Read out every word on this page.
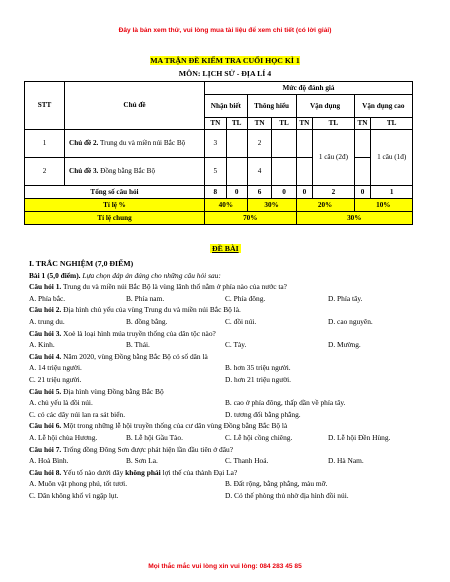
Đây là bản xem thử, vui lòng mua tài liệu để xem chi tiết (có lời giải)
MA TRẬN ĐỀ KIỂM TRA CUỐI HỌC KÌ 1
MÔN: LỊCH SỬ - ĐỊA LÍ 4
STT	Chủ đề	Mức độ đánh giá							
		Nhận biết		Thông hiểu		Vận dụng		Vận dụng cao	
		TN	TL	TN	TL	TN	TL	TN	TL
1	Chủ đề 2. Trung du và miền núi Bắc Bộ	3		2			1 câu (2đ)		1 câu (1đ)
2	Chủ đề 3. Đồng bằng Bắc Bộ	5		4					
Tổng số câu hỏi		8	0	6	0	0	2	0	1
Tỉ lệ %		40%		30%		20%		10%	
Tỉ lệ chung		70%				30%			
ĐỀ BÀI
I. TRẮC NGHIỆM (7,0 ĐIỂM)
Bài 1 (5,0 điểm). Lựa chọn đáp án đúng cho những câu hỏi sau:
Câu hỏi 1. Trung du và miền núi Bắc Bộ là vùng lãnh thổ nằm ở phía nào của nước ta?
A. Phía bắc.	B. Phía nam.	C. Phía đông.	D. Phía tây.
Câu hỏi 2. Địa hình chủ yếu của vùng Trung du và miền núi Bắc Bộ là.
A. trung du.	B. đồng bằng.	C. đồi núi.	D. cao nguyên.
Câu hỏi 3. Xoè là loại hình múa truyền thống của dân tộc nào?
A. Kinh.	B. Thái.	C. Tày.	D. Mường.
Câu hỏi 4. Năm 2020, vùng Đồng bằng Bắc Bộ có số dân là
A. 14 triệu người.	B. hơn 35 triệu người.
C. 21 triệu người.	D. hơn 21 triệu người.
Câu hỏi 5. Địa hình vùng Đồng bằng Bắc Bộ
A. chủ yếu là đồi núi.	B. cao ở phía đông, thấp dần về phía tây.
C. có các dãy núi lan ra sát biển.	D. tương đối bằng phẳng.
Câu hỏi 6. Một trong những lễ hội truyền thống của cư dân vùng Đồng bằng Bắc Bộ là
A. Lễ hội chùa Hương.	B. Lễ hội Gầu Tào.	C. Lễ hội cồng chiêng.	D. Lễ hội Đền Hùng.
Câu hỏi 7. Trống đồng Đông Sơn được phát hiện lần đầu tiên ở đâu?
A. Hoà Bình.	B. Sơn La.	C. Thanh Hoá.	D. Hà Nam.
Câu hỏi 8. Yếu tố nào dưới đây không phải lợi thế của thành Đại La?
A. Muôn vật phong phú, tốt tươi.	B. Đất rộng, bằng phẳng, màu mỡ.
C. Dân không khổ vì ngập lụt.	D. Có thế phòng thủ nhờ địa hình đồi núi.
Mọi thắc mắc vui lòng xin vui lòng: 084 283 45 85
